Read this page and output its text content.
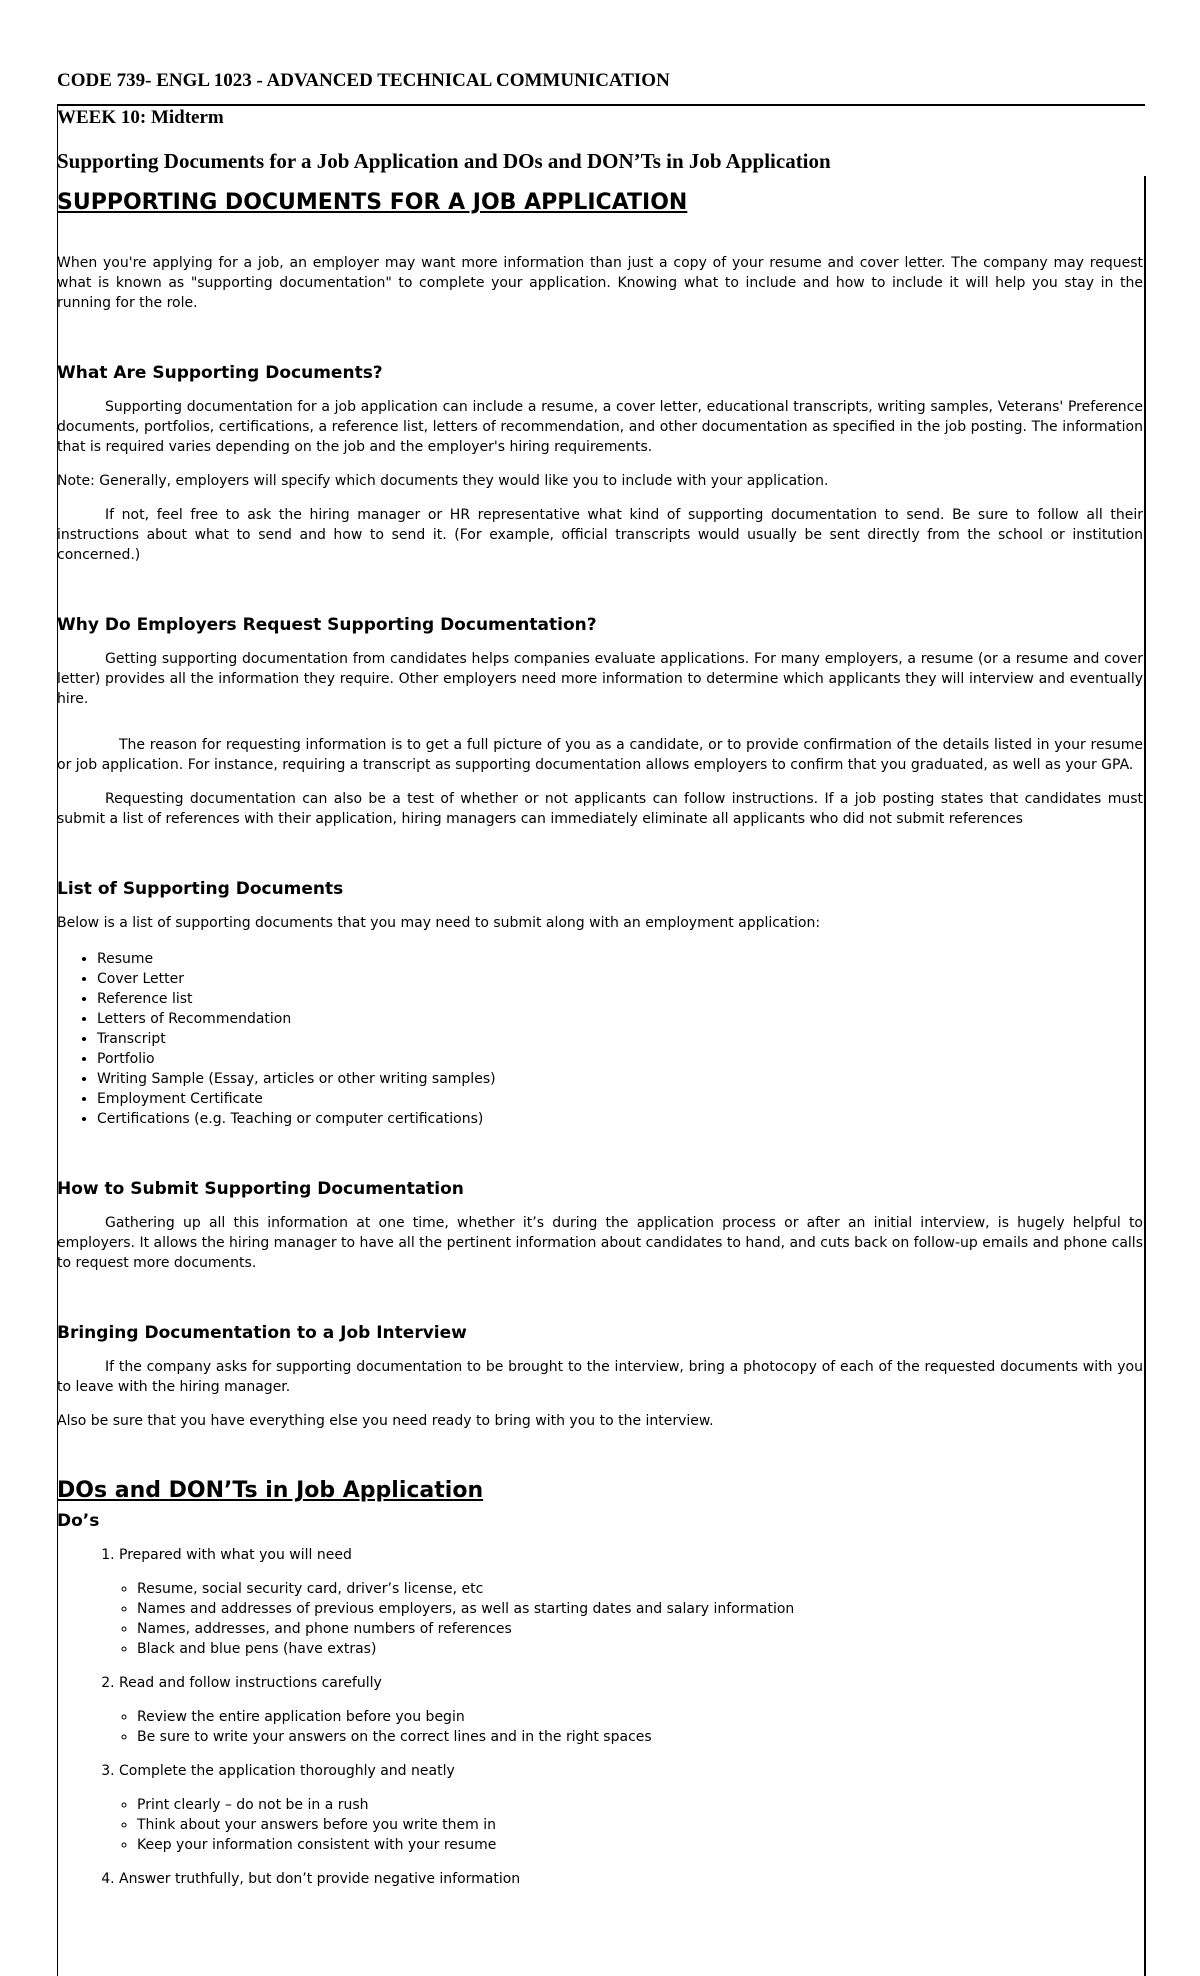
CODE 739- ENGL 1023 - ADVANCED TECHNICAL COMMUNICATION
WEEK 10: Midterm
Supporting Documents for a Job Application and DOs and DON’Ts in Job Application

SUPPORTING DOCUMENTS FOR A JOB APPLICATION

When you're applying for a job, an employer may want more information than just a copy of your resume and cover letter. The company may request what is known as "supporting documentation" to complete your application. Knowing what to include and how to include it will help you stay in the running for the role.

What Are Supporting Documents?

Supporting documentation for a job application can include a resume, a cover letter, educational transcripts, writing samples, Veterans' Preference documents, portfolios, certifications, a reference list, letters of recommendation, and other documentation as specified in the job posting. The information that is required varies depending on the job and the employer's hiring requirements.

Note: Generally, employers will specify which documents they would like you to include with your application.

If not, feel free to ask the hiring manager or HR representative what kind of supporting documentation to send. Be sure to follow all their instructions about what to send and how to send it. (For example, official transcripts would usually be sent directly from the school or institution concerned.)

Why Do Employers Request Supporting Documentation?

Getting supporting documentation from candidates helps companies evaluate applications. For many employers, a resume (or a resume and cover letter) provides all the information they require. Other employers need more information to determine which applicants they will interview and eventually hire.

The reason for requesting information is to get a full picture of you as a candidate, or to provide confirmation of the details listed in your resume or job application. For instance, requiring a transcript as supporting documentation allows employers to confirm that you graduated, as well as your GPA.

Requesting documentation can also be a test of whether or not applicants can follow instructions. If a job posting states that candidates must submit a list of references with their application, hiring managers can immediately eliminate all applicants who did not submit references

List of Supporting Documents

Below is a list of supporting documents that you may need to submit along with an employment application:

• Resume
• Cover Letter
• Reference list
• Letters of Recommendation
• Transcript
• Portfolio
• Writing Sample (Essay, articles or other writing samples)
• Employment Certificate
• Certifications (e.g. Teaching or computer certifications)

How to Submit Supporting Documentation

Gathering up all this information at one time, whether it’s during the application process or after an initial interview, is hugely helpful to employers. It allows the hiring manager to have all the pertinent information about candidates to hand, and cuts back on follow-up emails and phone calls to request more documents.

Bringing Documentation to a Job Interview

If the company asks for supporting documentation to be brought to the interview, bring a photocopy of each of the requested documents with you to leave with the hiring manager.

Also be sure that you have everything else you need ready to bring with you to the interview.

DOs and DON’Ts in Job Application

Do’s

1. Prepared with what you will need
◦ Resume, social security card, driver’s license, etc
◦ Names and addresses of previous employers, as well as starting dates and salary information
◦ Names, addresses, and phone numbers of references
◦ Black and blue pens (have extras)
2. Read and follow instructions carefully
◦ Review the entire application before you begin
◦ Be sure to write your answers on the correct lines and in the right spaces
3. Complete the application thoroughly and neatly
◦ Print clearly – do not be in a rush
◦ Think about your answers before you write them in
◦ Keep your information consistent with your resume
4. Answer truthfully, but don’t provide negative information
